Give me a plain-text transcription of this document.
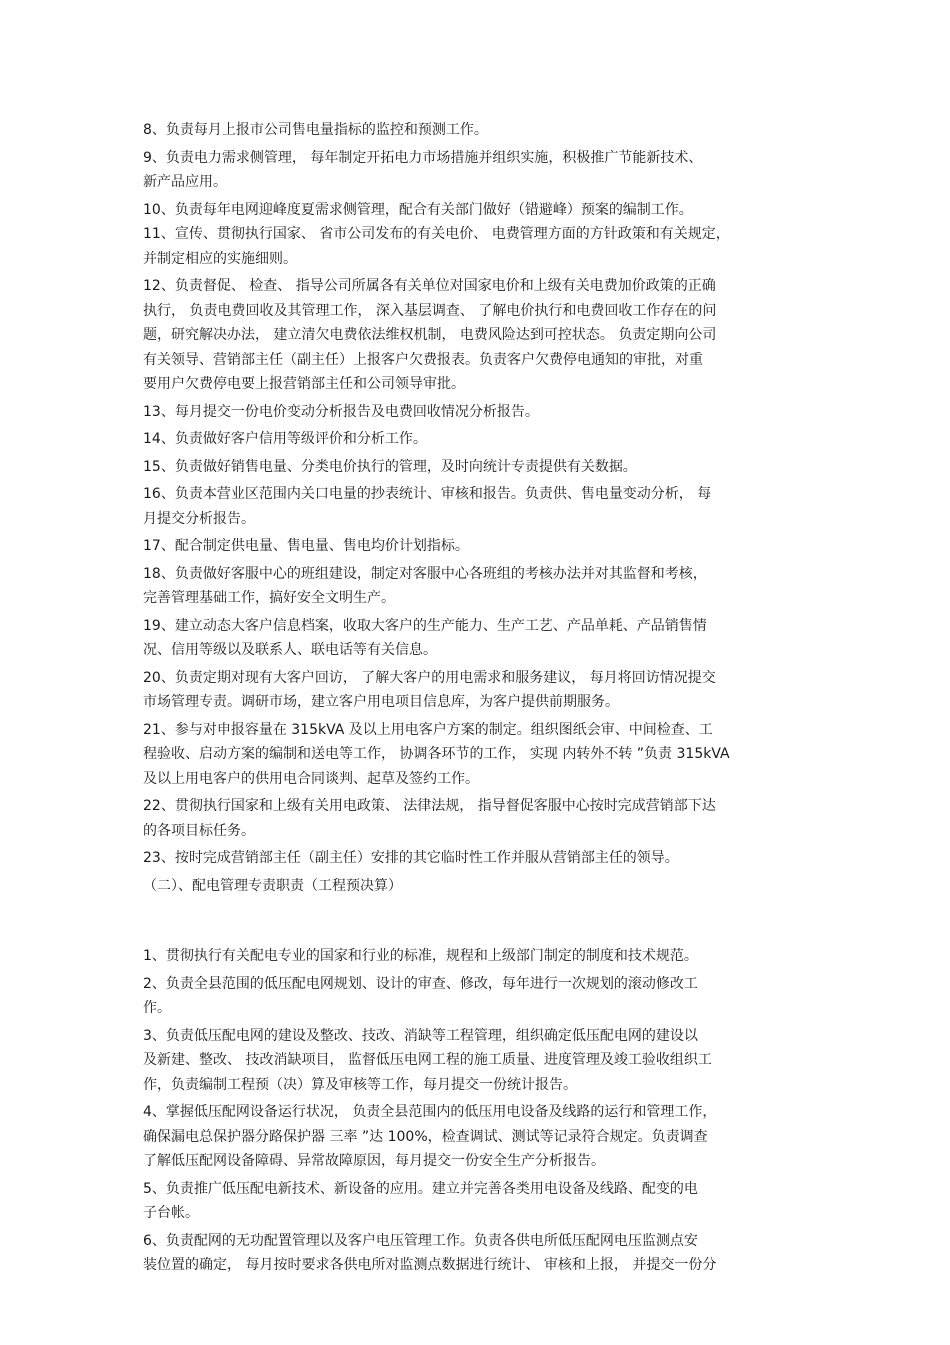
8、负责每月上报市公司售电量指标的监控和预测工作。
9、负责电力需求侧管理， 每年制定开拓电力市场措施并组织实施，积极推广节能新技术、
新产品应用。
10、负责每年电网迎峰度夏需求侧管理，配合有关部门做好（错避峰）预案的编制工作。
11、宣传、贯彻执行国家、 省市公司发布的有关电价、 电费管理方面的方针政策和有关规定，
并制定相应的实施细则。
12、负责督促、 检查、 指导公司所属各有关单位对国家电价和上级有关电费加价政策的正确
执行， 负责电费回收及其管理工作， 深入基层调查、 了解电价执行和电费回收工作存在的问
题，研究解决办法， 建立清欠电费依法维权机制， 电费风险达到可控状态。 负责定期向公司
有关领导、营销部主任（副主任）上报客户欠费报表。负责客户欠费停电通知的审批，对重
要用户欠费停电要上报营销部主任和公司领导审批。
13、每月提交一份电价变动分析报告及电费回收情况分析报告。
14、负责做好客户信用等级评价和分析工作。
15、负责做好销售电量、分类电价执行的管理，及时向统计专责提供有关数据。
16、负责本营业区范围内关口电量的抄表统计、审核和报告。负责供、售电量变动分析， 每
月提交分析报告。
17、配合制定供电量、售电量、售电均价计划指标。
18、负责做好客服中心的班组建设，制定对客服中心各班组的考核办法并对其监督和考核，
完善管理基础工作，搞好安全文明生产。
19、建立动态大客户信息档案，收取大客户的生产能力、生产工艺、产品单耗、产品销售情
况、信用等级以及联系人、联电话等有关信息。
20、负责定期对现有大客户回访， 了解大客户的用电需求和服务建议， 每月将回访情况提交
市场管理专责。调研市场，建立客户用电项目信息库，为客户提供前期服务。
21、参与对申报容量在 315kVA 及以上用电客户方案的制定。组织图纸会审、中间检查、工
程验收、启动方案的编制和送电等工作， 协调各环节的工作， 实现 内转外不转 ”负责 315kVA
及以上用电客户的供用电合同谈判、起草及签约工作。
22、贯彻执行国家和上级有关用电政策、 法律法规， 指导督促客服中心按时完成营销部下达
的各项目标任务。
23、按时完成营销部主任（副主任）安排的其它临时性工作并服从营销部主任的领导。
（二）、配电管理专责职责（工程预决算）
1、贯彻执行有关配电专业的国家和行业的标准，规程和上级部门制定的制度和技术规范。
2、负责全县范围的低压配电网规划、设计的审查、修改，每年进行一次规划的滚动修改工
作。
3、负责低压配电网的建设及整改、技改、消缺等工程管理，组织确定低压配电网的建设以
及新建、整改、 技改消缺项目， 监督低压电网工程的施工质量、进度管理及竣工验收组织工
作，负责编制工程预（决）算及审核等工作，每月提交一份统计报告。
4、掌握低压配网设备运行状况， 负责全县范围内的低压用电设备及线路的运行和管理工作，
确保漏电总保护器分路保护器 三率 ”达 100%，检查调试、测试等记录符合规定。负责调查
了解低压配网设备障碍、异常故障原因，每月提交一份安全生产分析报告。
5、负责推广低压配电新技术、新设备的应用。建立并完善各类用电设备及线路、配变的电
子台帐。
6、负责配网的无功配置管理以及客户电压管理工作。负责各供电所低压配网电压监测点安
装位置的确定， 每月按时要求各供电所对监测点数据进行统计、 审核和上报， 并提交一份分
